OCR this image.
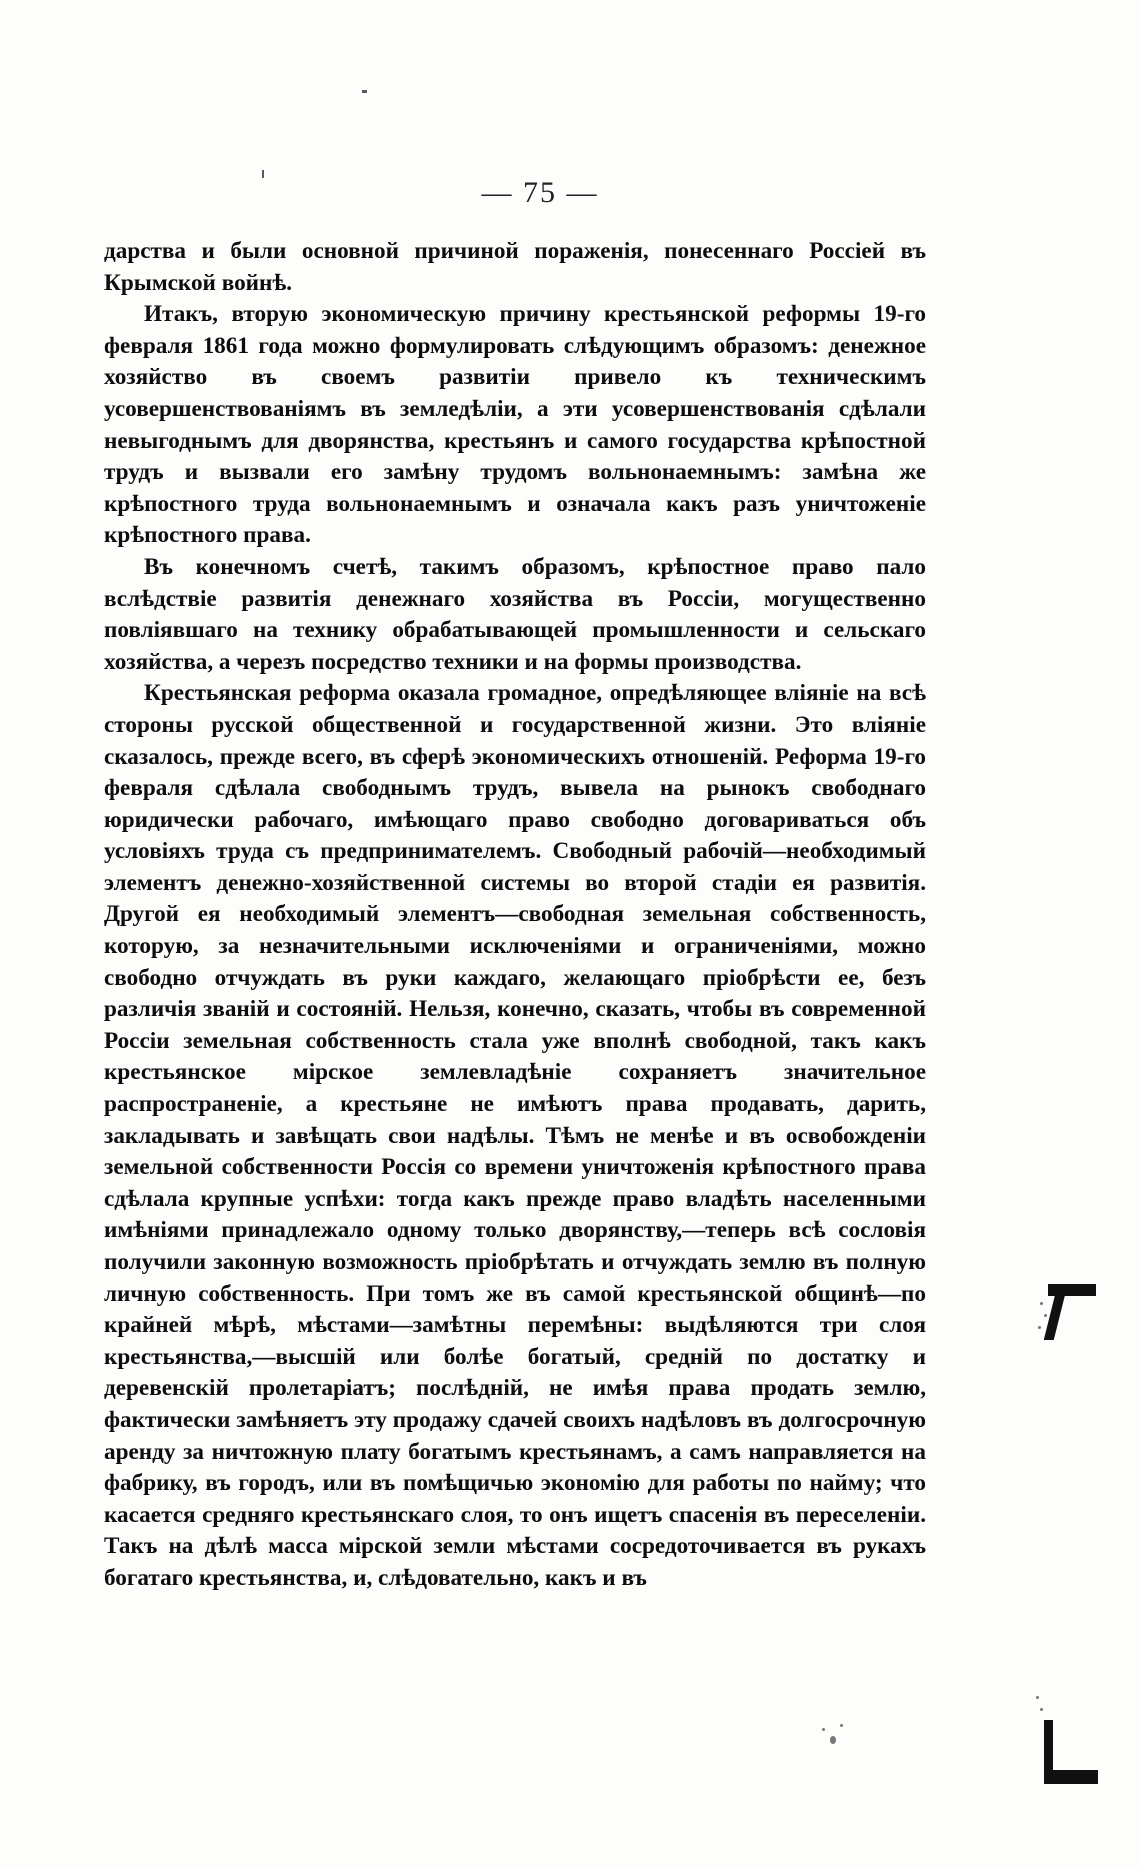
— 75 —

дарства и были основной причиной пораженія, понесеннаго Россіей въ Крымской войнѣ.

Итакъ, вторую экономическую причину крестьянской реформы 19-го февраля 1861 года можно формулировать слѣдующимъ образомъ: денежное хозяйство въ своемъ развитіи привело къ техническимъ усовершенствованіямъ въ земледѣліи, а эти усовершенствованія сдѣлали невыгоднымъ для дворянства, крестьянъ и самого государства крѣпостной трудъ и вызвали его замѣну трудомъ вольнонаемнымъ: замѣна же крѣпостного труда вольнонаемнымъ и означала какъ разъ уничтоженіе крѣпостного права.

Въ конечномъ счетѣ, такимъ образомъ, крѣпостное право пало вслѣдствіе развитія денежнаго хозяйства въ Россіи, могущественно повліявшаго на технику обрабатывающей промышленности и сельскаго хозяйства, а черезъ посредство техники и на формы производства.

Крестьянская реформа оказала громадное, опредѣляющее вліяніе на всѣ стороны русской общественной и государственной жизни. Это вліяніе сказалось, прежде всего, въ сферѣ экономическихъ отношеній. Реформа 19-го февраля сдѣлала свободнымъ трудъ, вывела на рынокъ свободнаго юридически рабочаго, имѣющаго право свободно договариваться объ условіяхъ труда съ предпринимателемъ. Свободный рабочій—необходимый элементъ денежно-хозяйственной системы во второй стадіи ея развитія. Другой ея необходимый элементъ—свободная земельная собственность, которую, за незначительными исключеніями и ограниченіями, можно свободно отчуждать въ руки каждаго, желающаго пріобрѣсти ее, безъ различія званій и состояній. Нельзя, конечно, сказать, чтобы въ современной Россіи земельная собственность стала уже вполнѣ свободной, такъ какъ крестьянское мірское землевладѣніе сохраняетъ значительное распространеніе, а крестьяне не имѣютъ права продавать, дарить, закладывать и завѣщать свои надѣлы. Тѣмъ не менѣе и въ освобожденіи земельной собственности Россія со времени уничтоженія крѣпостного права сдѣлала крупные успѣхи: тогда какъ прежде право владѣть населенными имѣніями принадлежало одному только дворянству,—теперь всѣ сословія получили законную возможность пріобрѣтать и отчуждать землю въ полную личную собственность. При томъ же въ самой крестьянской общинѣ—по крайней мѣрѣ, мѣстами—замѣтны перемѣны: выдѣляются три слоя крестьянства,—высшій или болѣе богатый, средній по достатку и деревенскій пролетаріатъ; послѣдній, не имѣя права продать землю, фактически замѣняетъ эту продажу сдачей своихъ надѣловъ въ долгосрочную аренду за ничтожную плату богатымъ крестьянамъ, а самъ направляется на фабрику, въ городъ, или въ помѣщичью экономію для работы по найму; что касается средняго крестьянскаго слоя, то онъ ищетъ спасенія въ переселеніи. Такъ на дѣлѣ масса мірской земли мѣстами сосредоточивается въ рукахъ богатаго крестьянства, и, слѣдовательно, какъ и въ
